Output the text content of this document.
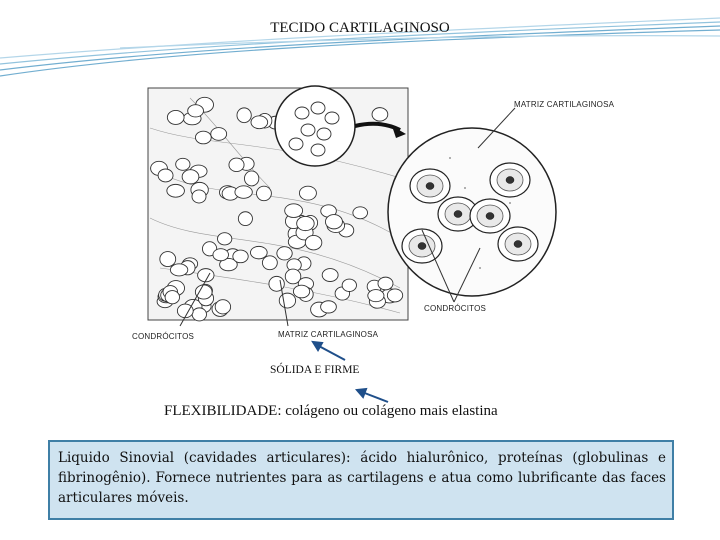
TECIDO CARTILAGINOSO
MATRIZ CARTILAGINOSA
CONDRÓCITOS
CONDRÓCITOS	MATRIZ CARTILAGINOSA
SÓLIDA E FIRME
FLEXIBILIDADE: colágeno ou colágeno mais elastina

Liquido Sinovial (cavidades articulares): ácido hialurônico, proteínas (globulinas e fibrinogênio). Fornece nutrientes para as cartilagens e atua como lubrificante das faces articulares móveis.
